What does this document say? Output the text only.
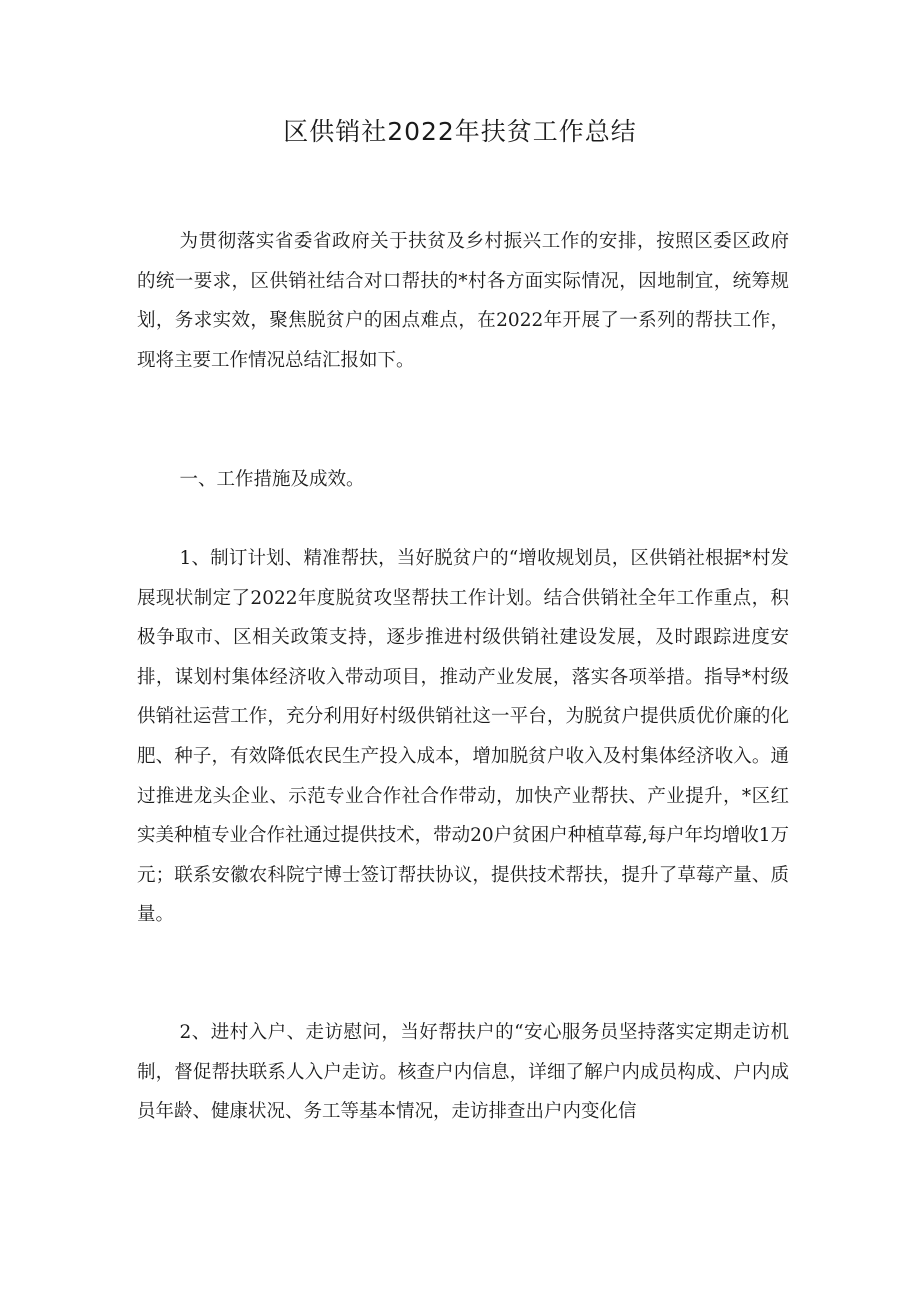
区供销社2022年扶贫工作总结

为贯彻落实省委省政府关于扶贫及乡村振兴工作的安排，按照区委区政府的统一要求，区供销社结合对口帮扶的*村各方面实际情况，因地制宜，统筹规划，务求实效，聚焦脱贫户的困点难点，在2022年开展了一系列的帮扶工作，现将主要工作情况总结汇报如下。

一、工作措施及成效。

1、制订计划、精准帮扶，当好脱贫户的“增收规划员，区供销社根据*村发展现状制定了2022年度脱贫攻坚帮扶工作计划。结合供销社全年工作重点，积极争取市、区相关政策支持，逐步推进村级供销社建设发展，及时跟踪进度安排，谋划村集体经济收入带动项目，推动产业发展，落实各项举措。指导*村级供销社运营工作，充分利用好村级供销社这一平台，为脱贫户提供质优价廉的化肥、种子，有效降低农民生产投入成本，增加脱贫户收入及村集体经济收入。通过推进龙头企业、示范专业合作社合作带动，加快产业帮扶、产业提升，*区红实美种植专业合作社通过提供技术，带动20户贫困户种植草莓,每户年均增收1万元；联系安徽农科院宁博士签订帮扶协议，提供技术帮扶，提升了草莓产量、质量。

2、进村入户、走访慰问，当好帮扶户的“安心服务员坚持落实定期走访机制，督促帮扶联系人入户走访。核查户内信息，详细了解户内成员构成、户内成员年龄、健康状况、务工等基本情况，走访排查出户内变化信
